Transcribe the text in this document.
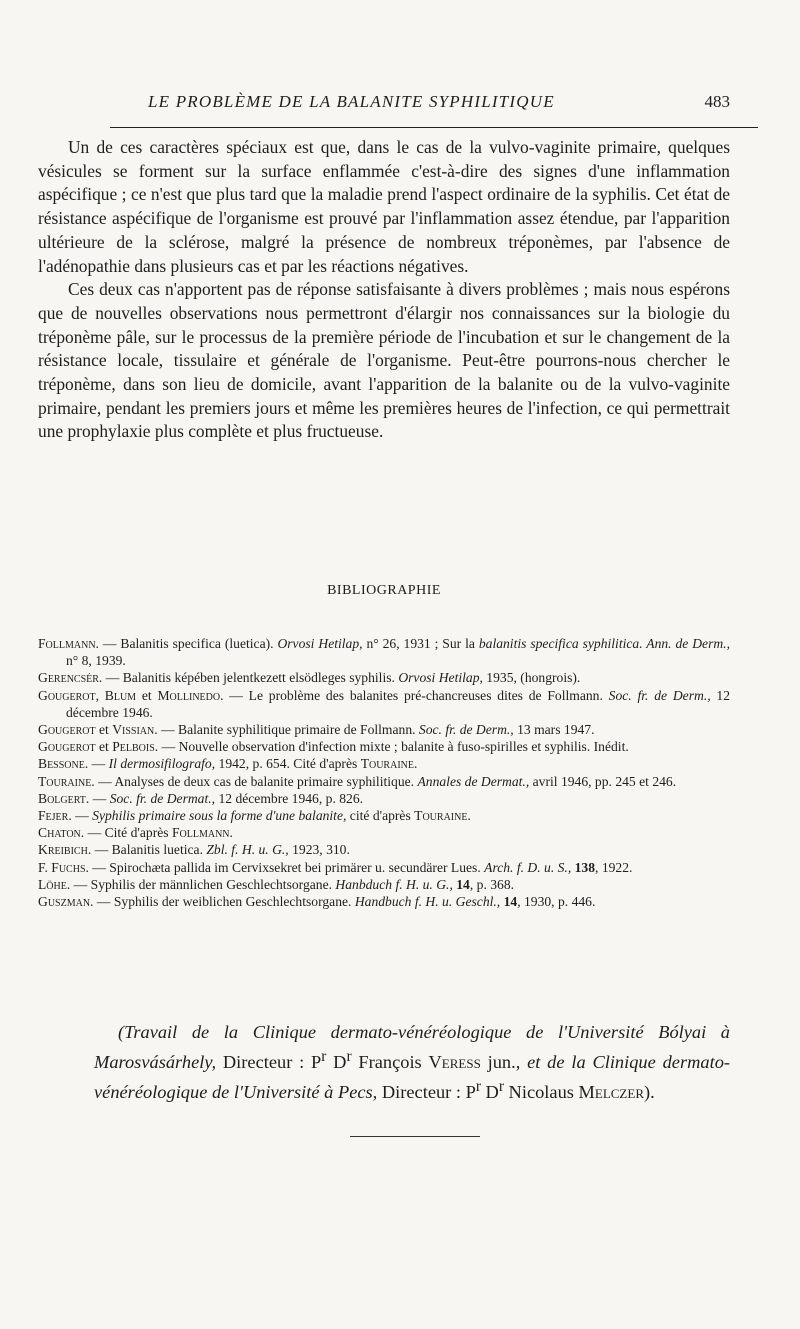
LE PROBLÈME DE LA BALANITE SYPHILITIQUE	483

Un de ces caractères spéciaux est que, dans le cas de la vulvo-vaginite primaire, quelques vésicules se forment sur la surface enflammée c'est-à-dire des signes d'une inflammation aspécifique ; ce n'est que plus tard que la maladie prend l'aspect ordinaire de la syphilis. Cet état de résistance aspécifique de l'organisme est prouvé par l'inflammation assez étendue, par l'apparition ultérieure de la sclérose, malgré la présence de nombreux tréponèmes, par l'absence de l'adénopathie dans plusieurs cas et par les réactions négatives.

Ces deux cas n'apportent pas de réponse satisfaisante à divers problèmes ; mais nous espérons que de nouvelles observations nous permettront d'élargir nos connaissances sur la biologie du tréponème pâle, sur le processus de la première période de l'incubation et sur le changement de la résistance locale, tissulaire et générale de l'organisme. Peut-être pourrons-nous chercher le tréponème, dans son lieu de domicile, avant l'apparition de la balanite ou de la vulvo-vaginite primaire, pendant les premiers jours et même les premières heures de l'infection, ce qui permettrait une prophylaxie plus complète et plus fructueuse.

BIBLIOGRAPHIE
Follmann. — Balanitis specifica (luetica). Orvosi Hetilap, n° 26, 1931 ; Sur la balanitis specifica syphilitica. Ann. de Derm., n° 8, 1939.
Gerencsér. — Balanitis képében jelentkezett elsödleges syphilis. Orvosi Hetilap, 1935, (hongrois).
Gougerot, Blum et Mollinedo. — Le problème des balanites pré-chancreuses dites de Follmann. Soc. fr. de Derm., 12 décembre 1946.
Gougerot et Vissian. — Balanite syphilitique primaire de Follmann. Soc. fr. de Derm., 13 mars 1947.
Gougerot et Pelbois. — Nouvelle observation d'infection mixte ; balanite à fuso-spirilles et syphilis. Inédit.
Bessone. — Il dermosifilografo, 1942, p. 654. Cité d'après Touraine.
Touraine. — Analyses de deux cas de balanite primaire syphilitique. Annales de Dermat., avril 1946, pp. 245 et 246.
Bolgert. — Soc. fr. de Dermat., 12 décembre 1946, p. 826.
Fejer. — Syphilis primaire sous la forme d'une balanite, cité d'après Touraine.
Chaton. — Cité d'après Follmann.
Kreibich. — Balanitis luetica. Zbl. f. H. u. G., 1923, 310.
F. Fuchs. — Spirochæta pallida im Cervixsekret bei primärer u. secundärer Lues. Arch. f. D. u. S., 138, 1922.
Löhe. — Syphilis der männlichen Geschlechtsorgane. Hanbduch f. H. u. G., 14, p. 368.
Guszman. — Syphilis der weiblichen Geschlechtsorgane. Handbuch f. H. u. Geschl., 14, 1930, p. 446.

(Travail de la Clinique dermato-vénéréologique de l'Université Bólyai à Marosvásárhely, Directeur : $P^r$ $D^r$ François Veress jun., et de la Clinique dermato-vénéréologique de l'Université à Pecs, Directeur : $P^r$ $D^r$ Nicolaus Melczer).
